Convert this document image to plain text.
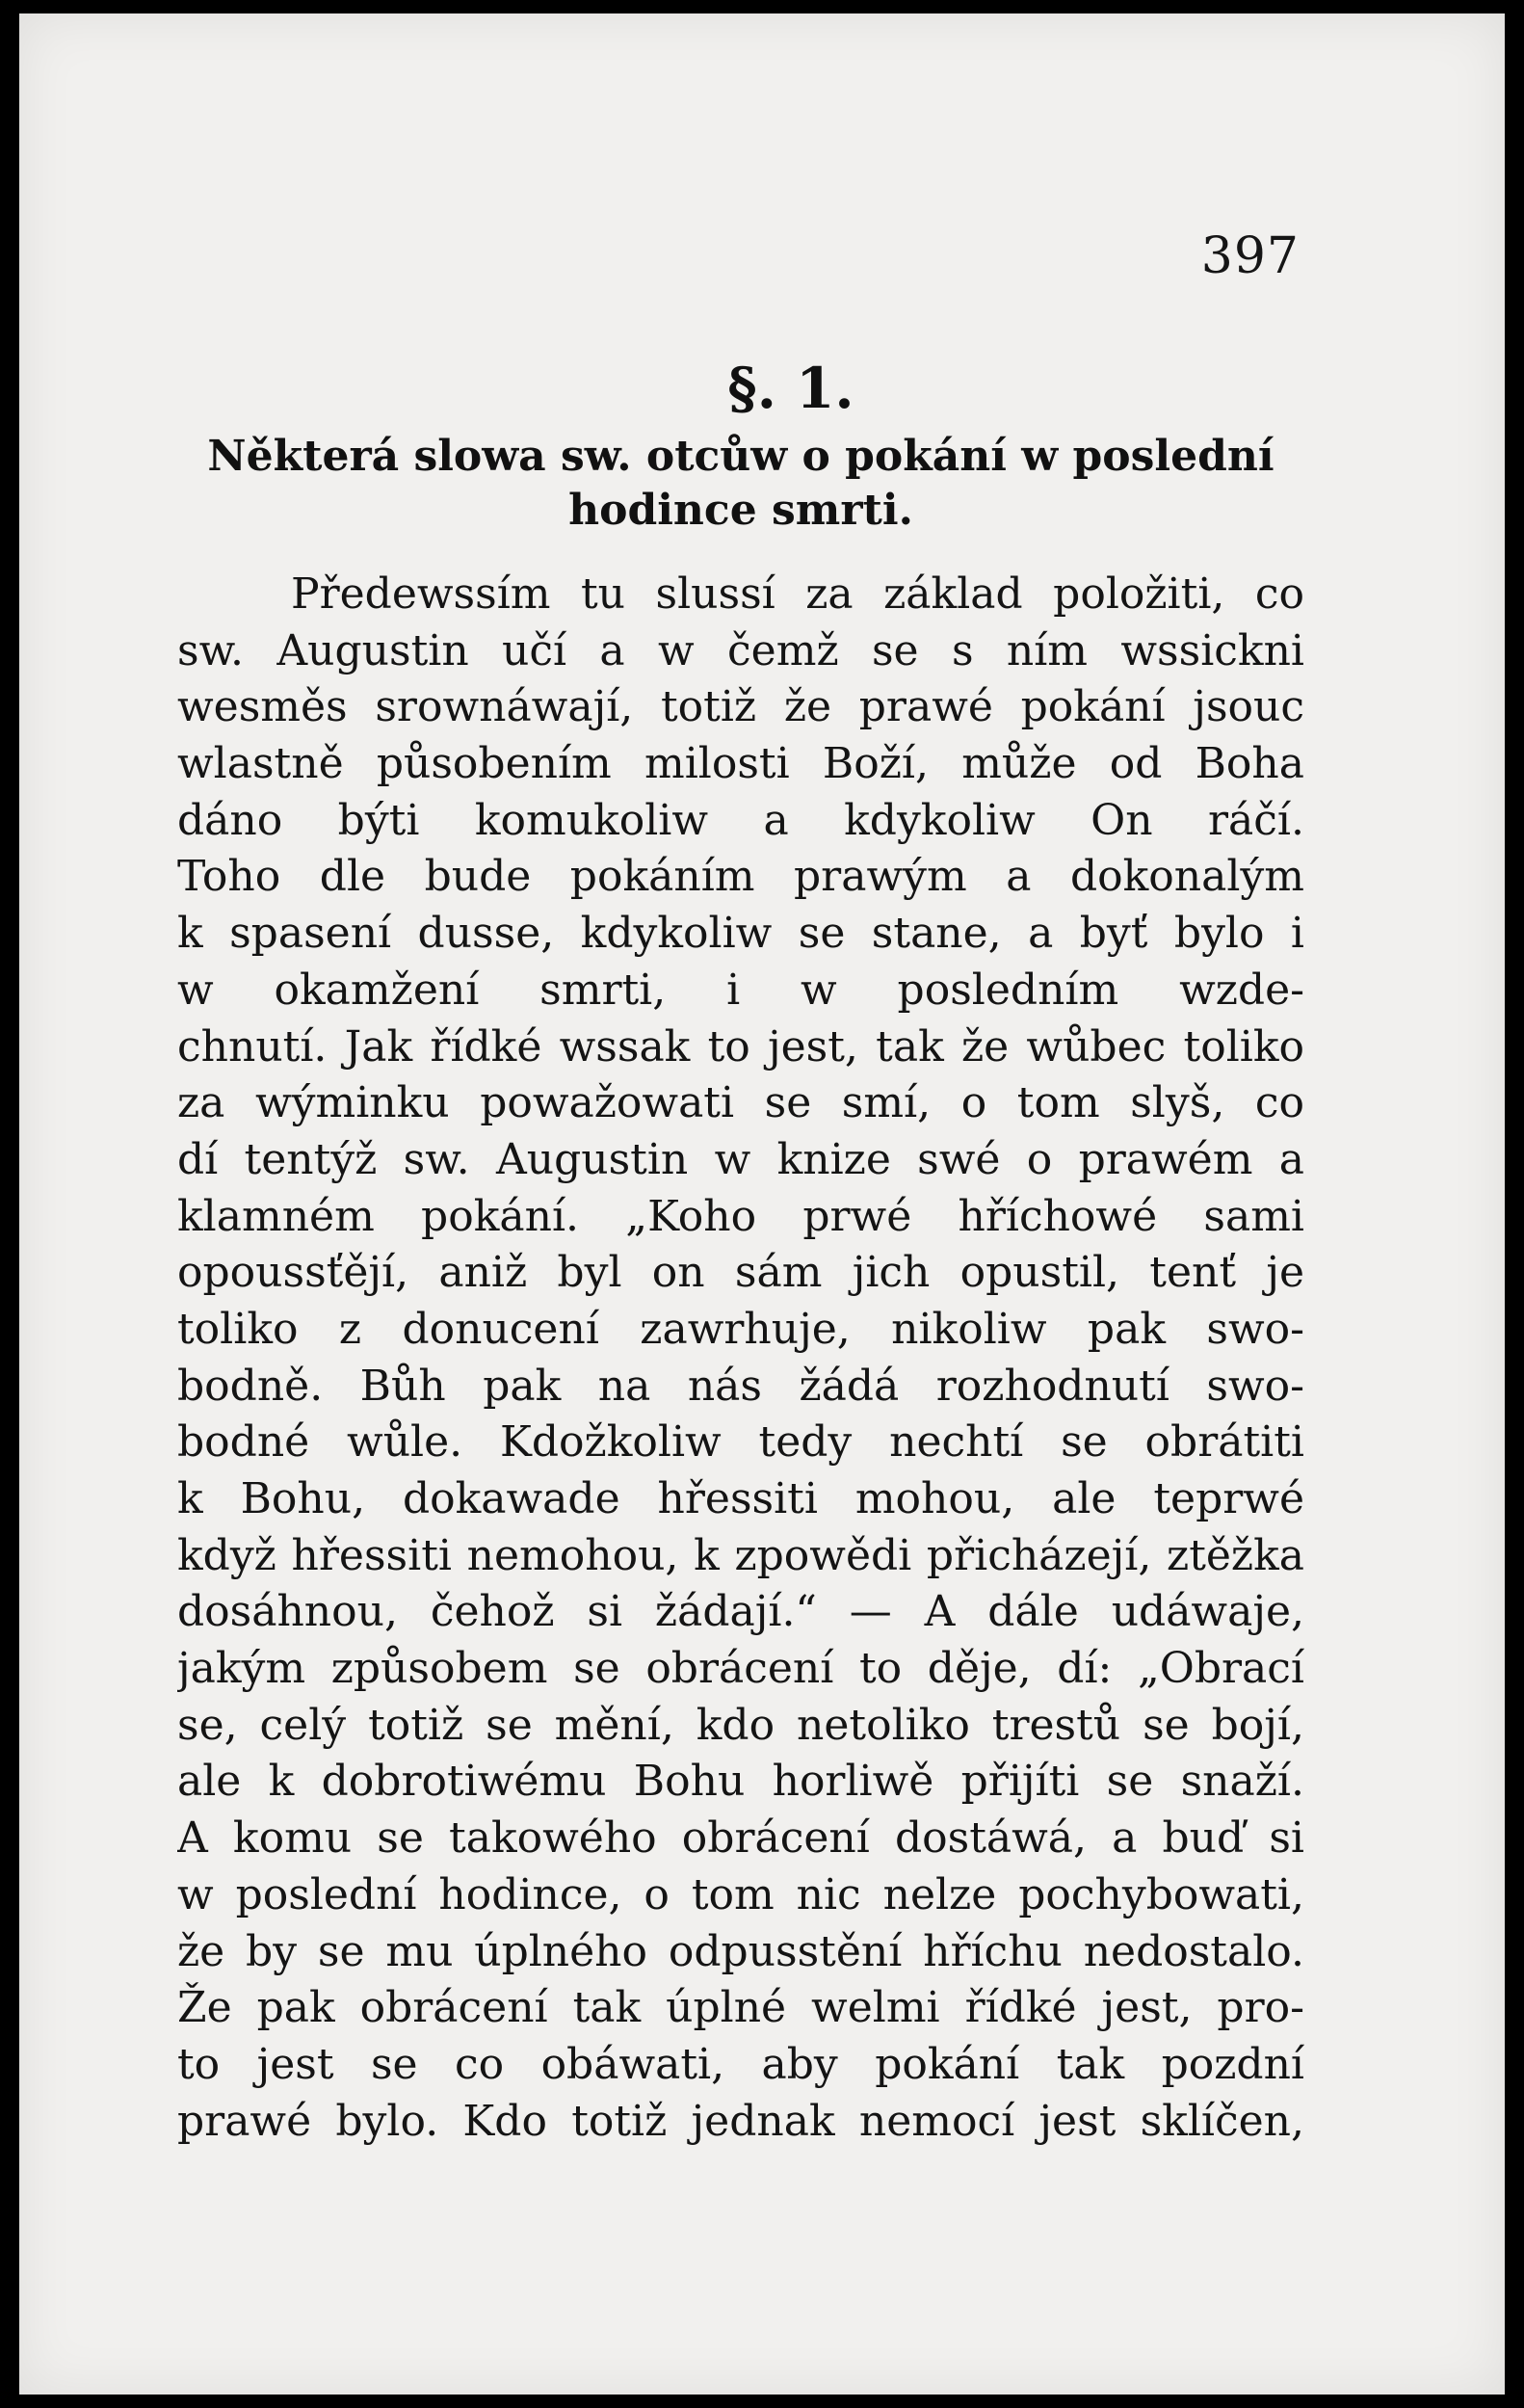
397
§. 1.
Některá slowa sw. otcůw o pokání w poslední hodince smrti.
Předewssím tu slussí za základ položiti, co
sw. Augustin učí a w čemž se s ním wssickni
wesměs srownáwají, totiž že prawé pokání jsouc
wlastně působením milosti Boží, může od Boha
dáno býti komukoliw a kdykoliw On ráčí.
Toho dle bude pokáním prawým a dokonalým
k spasení dusse, kdykoliw se stane, a byť bylo i
w okamžení smrti, i w posledním wzde-
chnutí. Jak řídké wssak to jest, tak že wůbec toliko
za wýminku powažowati se smí, o tom slyš, co
dí tentýž sw. Augustin w knize swé o prawém a
klamném pokání. „Koho prwé hříchowé sami
opoussťějí, aniž byl on sám jich opustil, tenť je
toliko z donucení zawrhuje, nikoliw pak swo-
bodně. Bůh pak na nás žádá rozhodnutí swo-
bodné wůle. Kdožkoliw tedy nechtí se obrátiti
k Bohu, dokawade hřessiti mohou, ale teprwé
když hřessiti nemohou, k zpowědi přicházejí, ztěžka
dosáhnou, čehož si žádají.“ — A dále udáwaje,
jakým způsobem se obrácení to děje, dí: „Obrací
se, celý totiž se mění, kdo netoliko trestů se bojí,
ale k dobrotiwému Bohu horliwě přijíti se snaží.
A komu se takowého obrácení dostáwá, a buď si
w poslední hodince, o tom nic nelze pochybowati,
že by se mu úplného odpusstění hříchu nedostalo.
Že pak obrácení tak úplné welmi řídké jest, pro-
to jest se co obáwati, aby pokání tak pozdní
prawé bylo. Kdo totiž jednak nemocí jest sklíčen,
